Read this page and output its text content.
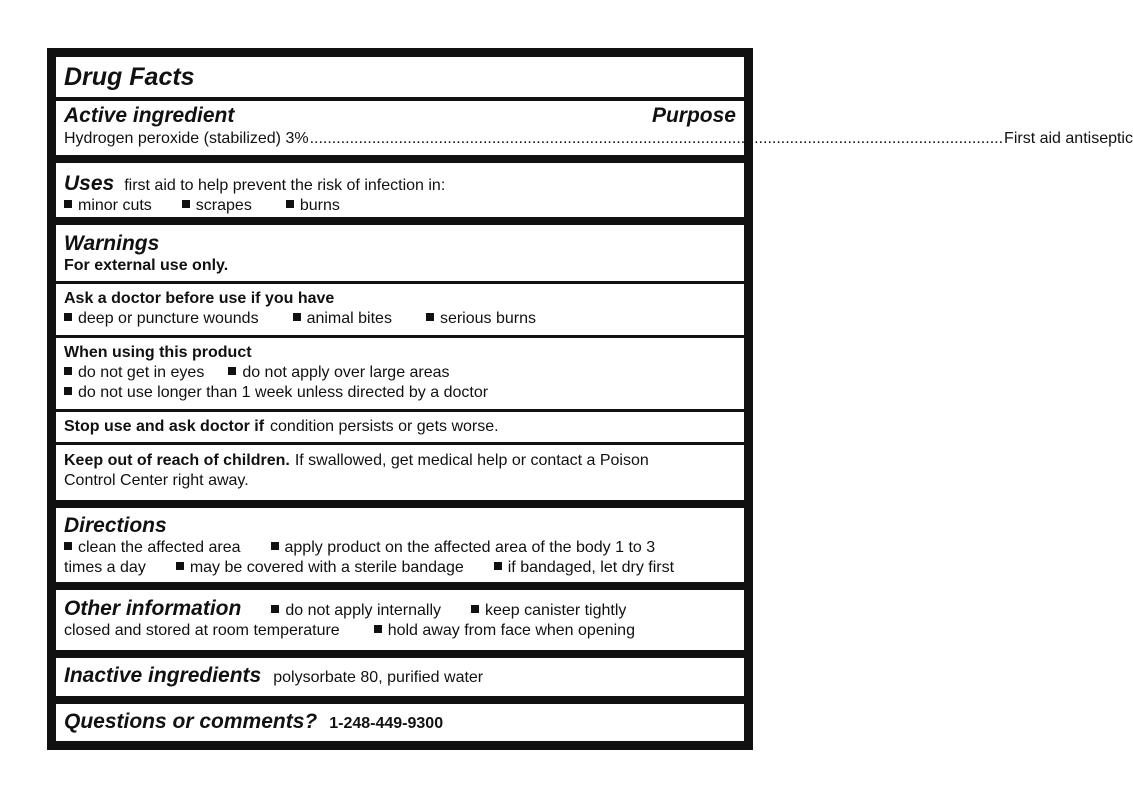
Drug Facts
Active ingredient	Purpose
Hydrogen peroxide (stabilized) 3% ............................................................................................................................................................ First aid antiseptic
Uses first aid to help prevent the risk of infection in:
minor cuts	scrapes	burns
Warnings
For external use only.
Ask a doctor before use if you have
deep or puncture wounds	animal bites	serious burns
When using this product
do not get in eyes do not apply over large areas
do not use longer than 1 week unless directed by a doctor
Stop use and ask doctor if condition persists or gets worse.
Keep out of reach of children. If swallowed, get medical help or contact a Poison
Control Center right away.
Directions
clean the affected area	apply product on the affected area of the body 1 to 3
times a day	may be covered with a sterile bandage	if bandaged, let dry first
Other information	do not apply internally	keep canister tightly
closed and stored at room temperature	hold away from face when opening
Inactive ingredients polysorbate 80, purified water
Questions or comments? 1-248-449-9300
